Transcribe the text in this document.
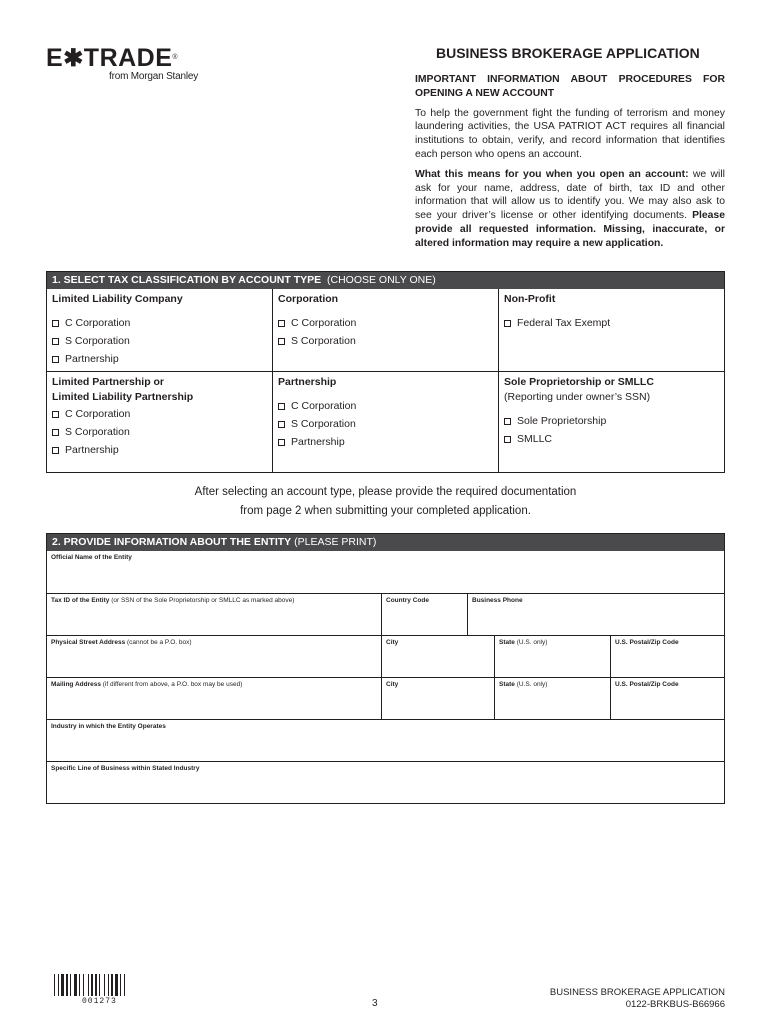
E✱TRADE®
from Morgan Stanley
BUSINESS BROKERAGE APPLICATION

IMPORTANT INFORMATION ABOUT PROCEDURES FOR OPENING A NEW ACCOUNT

To help the government fight the funding of terrorism and money laundering activities, the USA PATRIOT ACT requires all financial institutions to obtain, verify, and record information that identifies each person who opens an account.

What this means for you when you open an account: we will ask for your name, address, date of birth, tax ID and other information that will allow us to identify you. We may also ask to see your driver’s license or other identifying documents. Please provide all requested information. Missing, inaccurate, or altered information may require a new application.

1. SELECT TAX CLASSIFICATION BY ACCOUNT TYPE (CHOOSE ONLY ONE)
Limited Liability Company
C Corporation
S Corporation
Partnership
Corporation
C Corporation
S Corporation
Non-Profit
Federal Tax Exempt
Limited Partnership or
Limited Liability Partnership
C Corporation
S Corporation
Partnership
Partnership
C Corporation
S Corporation
Partnership
Sole Proprietorship or SMLLC
(Reporting under owner’s SSN)
Sole Proprietorship
SMLLC
After selecting an account type, please provide the required documentation
from page 2 when submitting your completed application.
2. PROVIDE INFORMATION ABOUT THE ENTITY (PLEASE PRINT)
Official Name of the Entity
Tax ID of the Entity (or SSN of the Sole Proprietorship or SMLLC as marked above)	Country Code	Business Phone
Physical Street Address (cannot be a P.O. box)	City	State (U.S. only)	U.S. Postal/Zip Code
Mailing Address (if different from above, a P.O. box may be used)	City	State (U.S. only)	U.S. Postal/Zip Code
Industry in which the Entity Operates
Specific Line of Business within Stated Industry
001273	3
BUSINESS BROKERAGE APPLICATION
0122-BRKBUS-B66966
